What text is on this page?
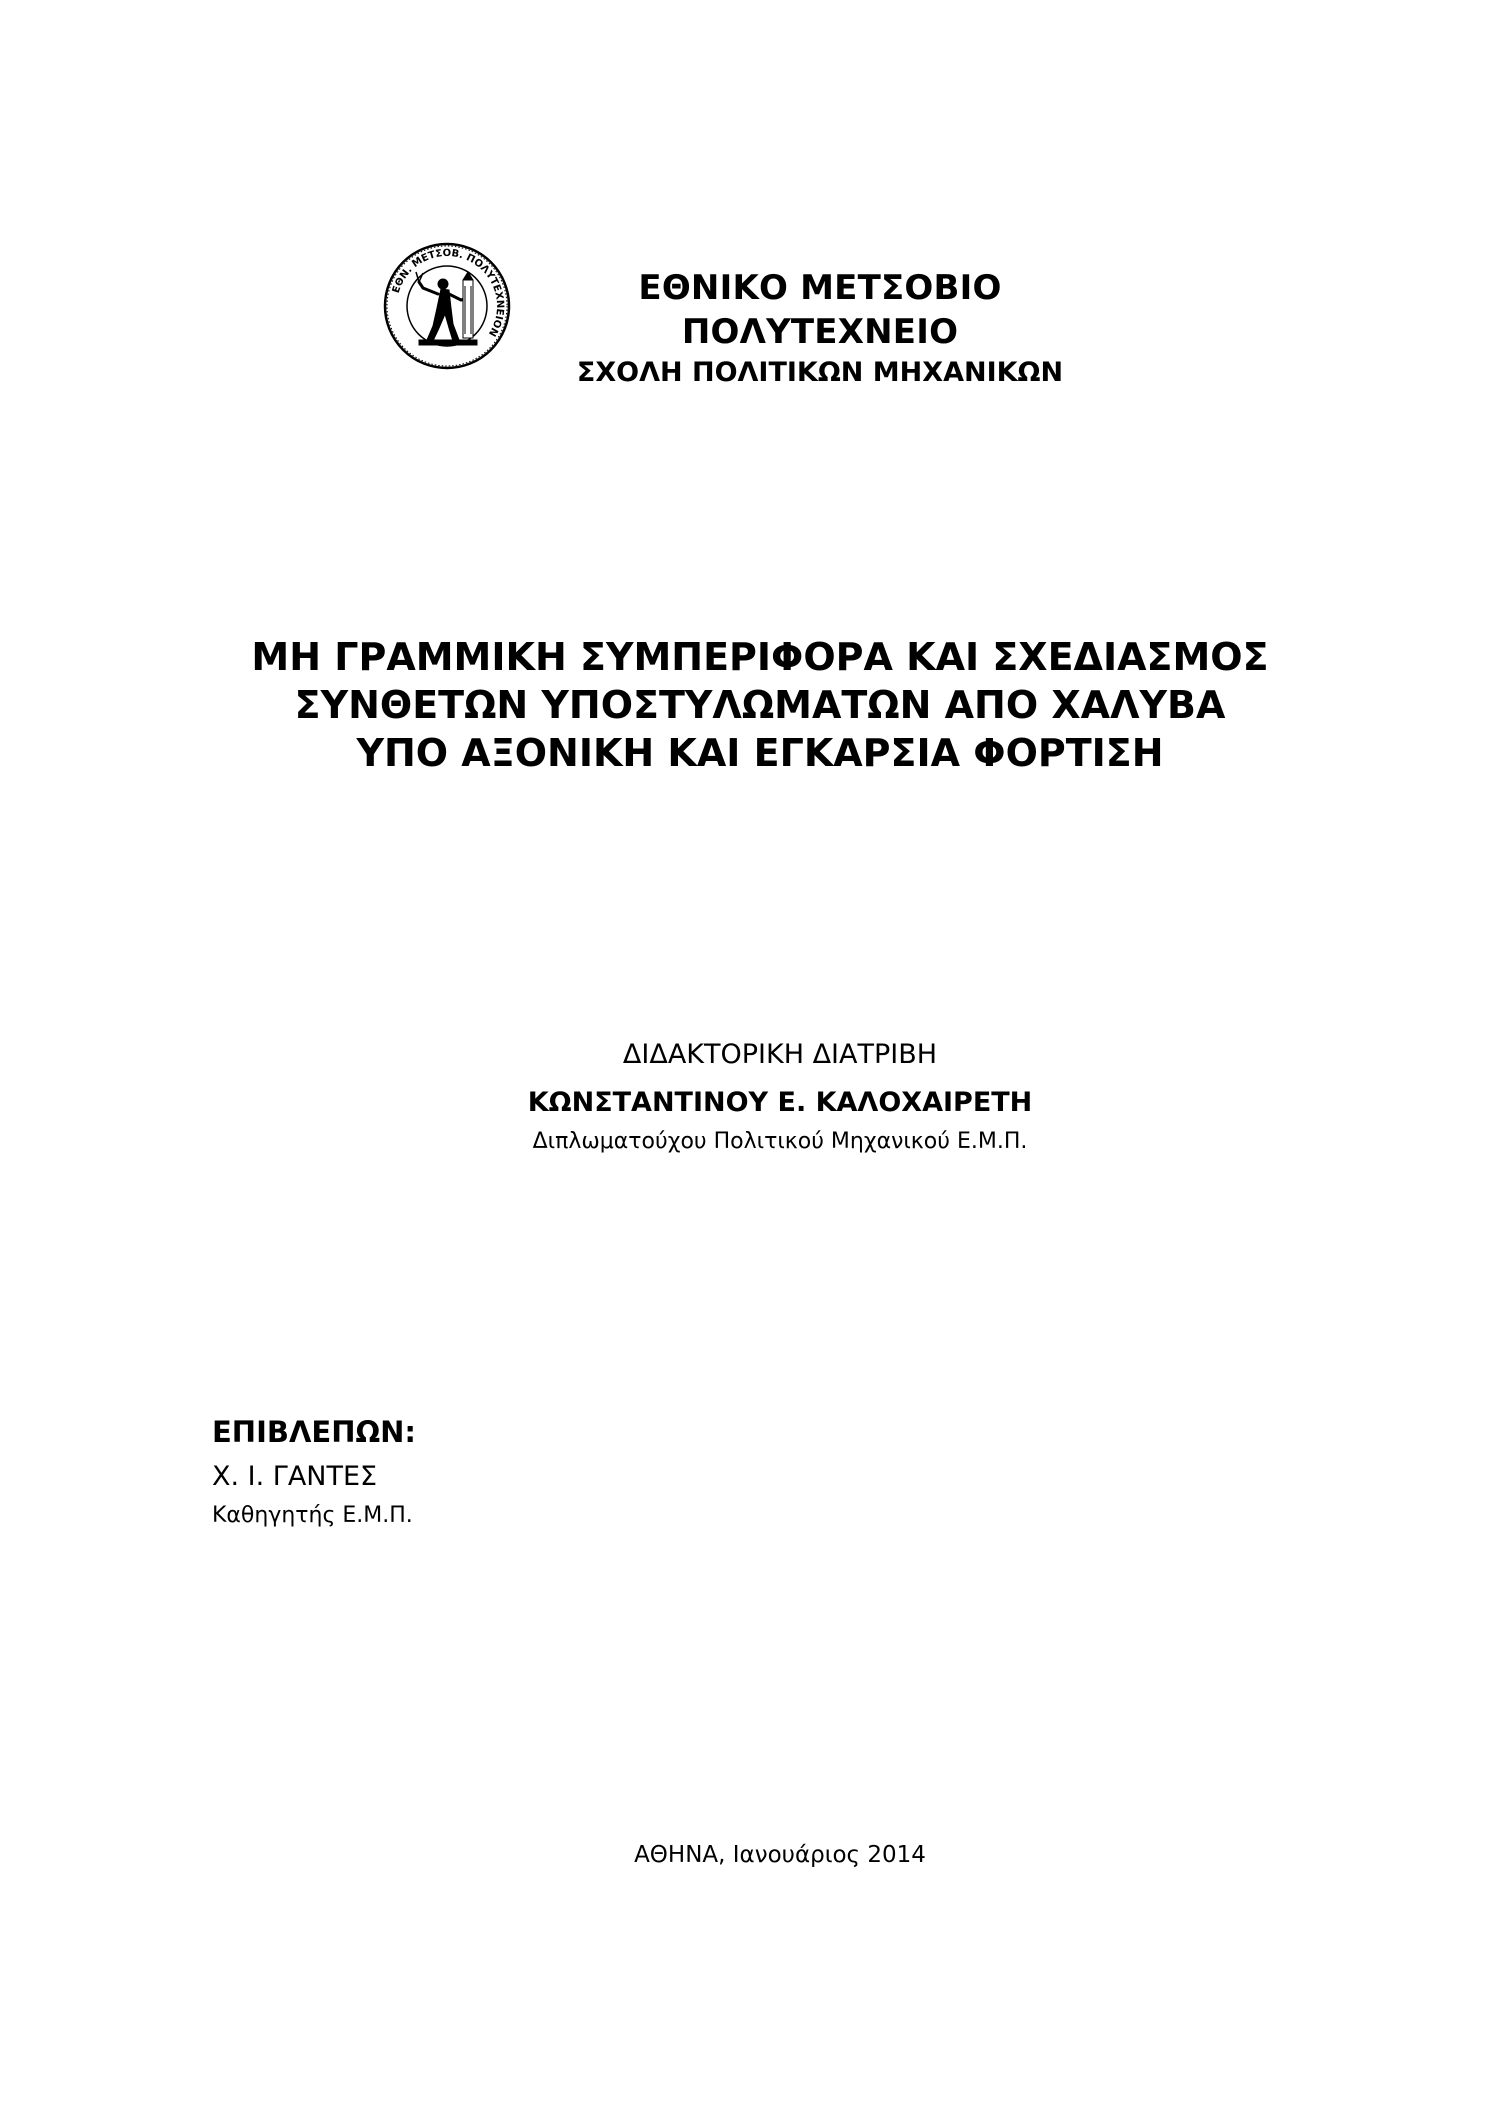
ΕΘΝ. ΜΕΤΣΟΒ. ΠΟΛΥΤΕΧΝΕΙΟΝ
ΕΘΝΙΚΟ ΜΕΤΣΟΒΙΟ ΠΟΛΥΤΕΧΝΕΙΟ
ΣΧΟΛΗ ΠΟΛΙΤΙΚΩΝ ΜΗΧΑΝΙΚΩΝ
ΜΗ ΓΡΑΜΜΙΚΗ ΣΥΜΠΕΡΙΦΟΡΑ ΚΑΙ ΣΧΕΔΙΑΣΜΟΣ
ΣΥΝΘΕΤΩΝ ΥΠΟΣΤΥΛΩΜΑΤΩΝ ΑΠΟ ΧΑΛΥΒΑ
ΥΠΟ ΑΞΟΝΙΚΗ ΚΑΙ ΕΓΚΑΡΣΙΑ ΦΟΡΤΙΣΗ
ΔΙΔΑΚΤΟΡΙΚΗ ΔΙΑΤΡΙΒΗ
ΚΩΝΣΤΑΝΤΙΝΟΥ Ε. ΚΑΛΟΧΑΙΡΕΤΗ
Διπλωματούχου Πολιτικού Μηχανικού Ε.Μ.Π.
ΕΠΙΒΛΕΠΩΝ:
Χ. Ι. ΓΑΝΤΕΣ
Καθηγητής Ε.Μ.Π.
ΑΘΗΝΑ, Ιανουάριος 2014
